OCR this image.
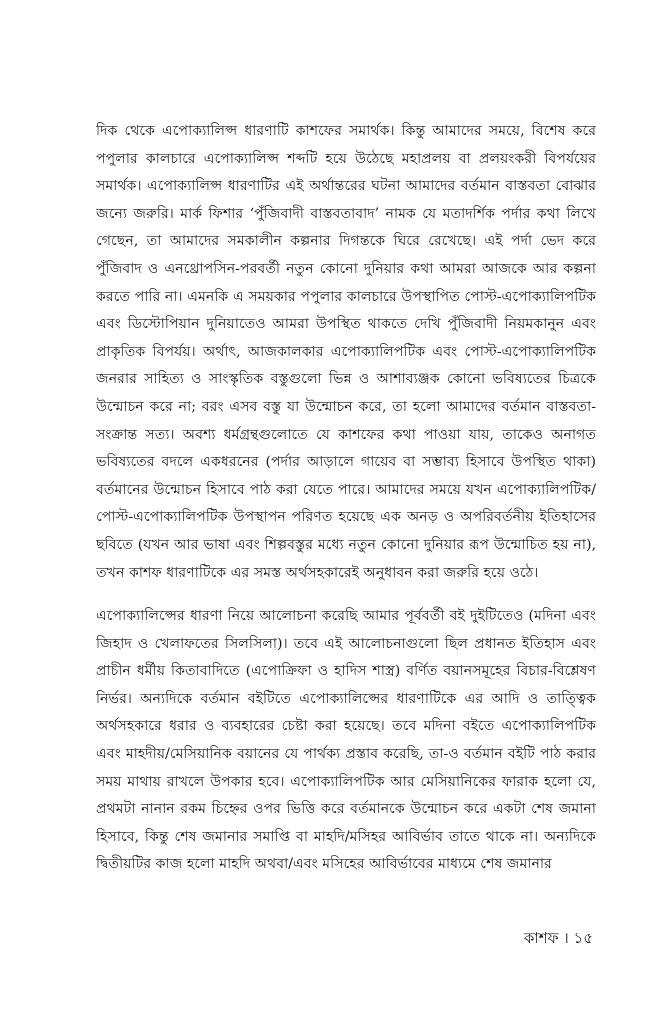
দিক থেকে এপোক্যালিপ্স ধারণাটি কাশফের সমার্থক। কিন্তু আমাদের সময়ে, বিশেষ করে পপুলার কালচারে এপোক্যালিপ্স শব্দটি হয়ে উঠেছে মহাপ্রলয় বা প্রলয়ংকরী বিপর্যয়ের সমার্থক। এপোক্যালিপ্স ধারণাটির এই অর্থান্তরের ঘটনা আমাদের বর্তমান বাস্তবতা বোঝার জন্যে জরুরি। মার্ক ফিশার ‘পুঁজিবাদী বাস্তবতাবাদ’ নামক যে মতাদর্শিক পর্দার কথা লিখে গেছেন, তা আমাদের সমকালীন কল্পনার দিগন্তকে ঘিরে রেখেছে। এই পর্দা ভেদ করে পুঁজিবাদ ও এনথ্রোপসিন-পরবর্তী নতুন কোনো দুনিয়ার কথা আমরা আজকে আর কল্পনা করতে পারি না। এমনকি এ সময়কার পপুলার কালচারে উপস্থাপিত পোস্ট-এপোক্যালিপটিক এবং ডিস্টোপিয়ান দুনিয়াতেও আমরা উপস্থিত থাকতে দেখি পুঁজিবাদী নিয়মকানুন এবং প্রাকৃতিক বিপর্যয়। অর্থাৎ, আজকালকার এপোক্যালিপটিক এবং পোস্ট-এপোক্যালিপটিক জনরার সাহিত্য ও সাংস্কৃতিক বস্তুগুলো ভিন্ন ও আশাব্যঞ্জক কোনো ভবিষ্যতের চিত্রকে উন্মোচন করে না; বরং এসব বস্তু যা উন্মোচন করে, তা হলো আমাদের বর্তমান বাস্তবতা-সংক্রান্ত সত্য। অবশ্য ধর্মগ্রন্থগুলোতে যে কাশফের কথা পাওয়া যায়, তাকেও অনাগত ভবিষ্যতের বদলে একধরনের (পর্দার আড়ালে গায়েব বা সম্ভাব্য হিসাবে উপস্থিত থাকা) বর্তমানের উন্মোচন হিসাবে পাঠ করা যেতে পারে। আমাদের সময়ে যখন এপোক্যালিপটিক/পোস্ট-এপোক্যালিপটিক উপস্থাপন পরিণত হয়েছে এক অনড় ও অপরিবর্তনীয় ইতিহাসের ছবিতে (যখন আর ভাষা এবং শিল্পবস্তুর মধ্যে নতুন কোনো দুনিয়ার রূপ উন্মোচিত হয় না), তখন কাশফ ধারণাটিকে এর সমস্ত অর্থসহকারেই অনুধাবন করা জরুরি হয়ে ওঠে।

এপোক্যালিপ্সের ধারণা নিয়ে আলোচনা করেছি আমার পূর্ববর্তী বই দুইটিতেও (মদিনা এবং জিহাদ ও খেলাফতের সিলসিলা)। তবে এই আলোচনাগুলো ছিল প্রধানত ইতিহাস এবং প্রাচীন ধর্মীয় কিতাবাদিতে (এপোক্রিফা ও হাদিস শাস্ত্র) বর্ণিত বয়ানসমূহের বিচার-বিশ্লেষণ নির্ভর। অন্যদিকে বর্তমান বইটিতে এপোক্যালিপ্সের ধারণাটিকে এর আদি ও তাত্ত্বিক অর্থসহকারে ধরার ও ব্যবহারের চেষ্টা করা হয়েছে। তবে মদিনা বইতে এপোক্যালিপটিক এবং মাহদীয়/মেসিয়ানিক বয়ানের যে পার্থক্য প্রস্তাব করেছি, তা-ও বর্তমান বইটি পাঠ করার সময় মাথায় রাখলে উপকার হবে। এপোক্যালিপটিক আর মেসিয়ানিকের ফারাক হলো যে, প্রথমটা নানান রকম চিহ্নের ওপর ভিত্তি করে বর্তমানকে উন্মোচন করে একটা শেষ জমানা হিসাবে, কিন্তু শেষ জমানার সমাপ্তি বা মাহদি/মসিহর আবির্ভাব তাতে থাকে না। অন্যদিকে দ্বিতীয়টির কাজ হলো মাহদি অথবা/এবং মসিহের আবির্ভাবের মাধ্যমে শেষ জমানার

কাশফ । ১৫
